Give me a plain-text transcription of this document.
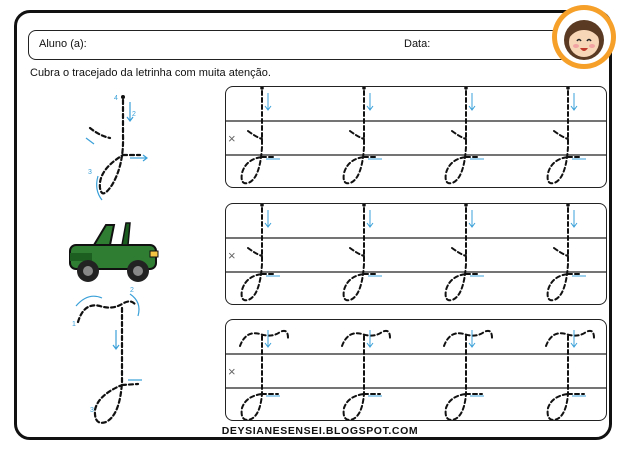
Aluno (a):	Data:
Cubra o tracejado da letrinha com muita atenção.
4
2
3
1
2
3
×
×
×
DEYSIANESENSEI.BLOGSPOT.COM
